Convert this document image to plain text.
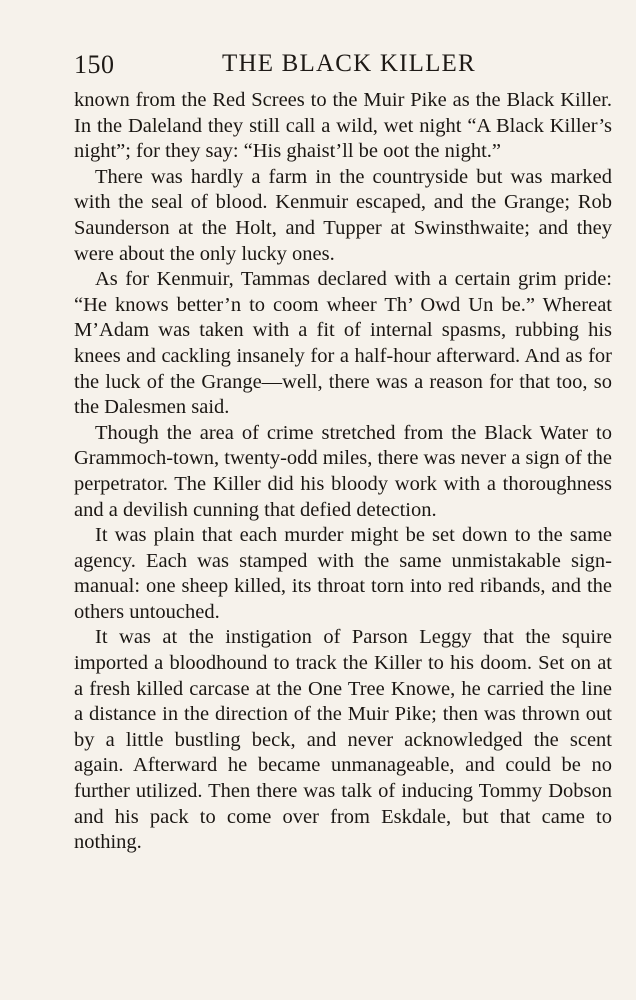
150	THE BLACK KILLER

known from the Red Screes to the Muir Pike as the Black Killer. In the Daleland they still call a wild, wet night “A Black Killer’s night”; for they say: “His ghaist’ll be oot the night.”

There was hardly a farm in the countryside but was marked with the seal of blood. Kenmuir escaped, and the Grange; Rob Saunderson at the Holt, and Tupper at Swinsthwaite; and they were about the only lucky ones.

As for Kenmuir, Tammas declared with a certain grim pride: “He knows better’n to coom wheer Th’ Owd Un be.” Whereat M’Adam was taken with a fit of internal spasms, rubbing his knees and cackling insanely for a half-hour afterward. And as for the luck of the Grange—well, there was a reason for that too, so the Dalesmen said.

Though the area of crime stretched from the Black Water to Grammoch-town, twenty-odd miles, there was never a sign of the perpetrator. The Killer did his bloody work with a thoroughness and a devilish cunning that defied detection.

It was plain that each murder might be set down to the same agency. Each was stamped with the same unmistakable sign-manual: one sheep killed, its throat torn into red ribands, and the others untouched.

It was at the instigation of Parson Leggy that the squire imported a bloodhound to track the Killer to his doom. Set on at a fresh killed carcase at the One Tree Knowe, he carried the line a distance in the direction of the Muir Pike; then was thrown out by a little bustling beck, and never acknowledged the scent again. Afterward he became unmanageable, and could be no further utilized. Then there was talk of inducing Tommy Dobson and his pack to come over from Eskdale, but that came to nothing.
